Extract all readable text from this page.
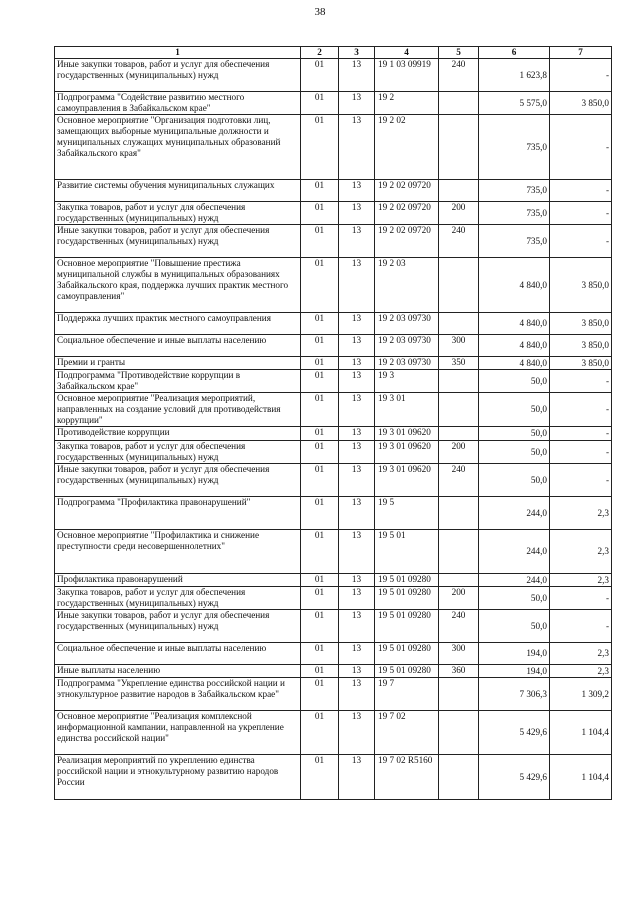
38
1	2	3	4	5	6	7
Иные закупки товаров, работ и услуг для обеспечения государственных (муниципальных) нужд	01	13	19 1 03 09919	240	1 623,8	-
Подпрограмма "Содействие развитию местного самоуправления в Забайкальском крае"	01	13	19 2		5 575,0	3 850,0
Основное мероприятие "Организация подготовки лиц, замещающих выборные муниципальные должности и муниципальных служащих муниципальных образований Забайкальского края"	01	13	19 2 02		735,0	-
Развитие системы обучения муниципальных служащих	01	13	19 2 02 09720		735,0	-
Закупка товаров, работ и услуг для обеспечения государственных (муниципальных) нужд	01	13	19 2 02 09720	200	735,0	-
Иные закупки товаров, работ и услуг для обеспечения государственных (муниципальных) нужд	01	13	19 2 02 09720	240	735,0	-
Основное мероприятие "Повышение престижа муниципальной службы в муниципальных образованиях Забайкальского края, поддержка лучших практик местного самоуправления"	01	13	19 2 03		4 840,0	3 850,0
Поддержка лучших практик местного самоуправления	01	13	19 2 03 09730		4 840,0	3 850,0
Социальное обеспечение и иные выплаты населению	01	13	19 2 03 09730	300	4 840,0	3 850,0
Премии и гранты	01	13	19 2 03 09730	350	4 840,0	3 850,0
Подпрограмма "Противодействие коррупции в Забайкальском крае"	01	13	19 3		50,0	-
Основное мероприятие "Реализация мероприятий, направленных на создание условий для противодействия коррупции"	01	13	19 3 01		50,0	-
Противодействие коррупции	01	13	19 3 01 09620		50,0	-
Закупка товаров, работ и услуг для обеспечения государственных (муниципальных) нужд	01	13	19 3 01 09620	200	50,0	-
Иные закупки товаров, работ и услуг для обеспечения государственных (муниципальных) нужд	01	13	19 3 01 09620	240	50,0	-
Подпрограмма "Профилактика правонарушений"	01	13	19 5		244,0	2,3
Основное мероприятие "Профилактика и снижение преступности среди несовершеннолетних"	01	13	19 5 01		244,0	2,3
Профилактика правонарушений	01	13	19 5 01 09280		244,0	2,3
Закупка товаров, работ и услуг для обеспечения государственных (муниципальных) нужд	01	13	19 5 01 09280	200	50,0	-
Иные закупки товаров, работ и услуг для обеспечения государственных (муниципальных) нужд	01	13	19 5 01 09280	240	50,0	-
Социальное обеспечение и иные выплаты населению	01	13	19 5 01 09280	300	194,0	2,3
Иные выплаты населению	01	13	19 5 01 09280	360	194,0	2,3
Подпрограмма "Укрепление единства российской нации и этнокультурное развитие народов в Забайкальском крае"	01	13	19 7		7 306,3	1 309,2
Основное мероприятие "Реализация комплексной информационной кампании, направленной на укрепление единства российской нации"	01	13	19 7 02		5 429,6	1 104,4
Реализация мероприятий по укреплению единства российской нации и этнокультурному развитию народов России	01	13	19 7 02 R5160		5 429,6	1 104,4
